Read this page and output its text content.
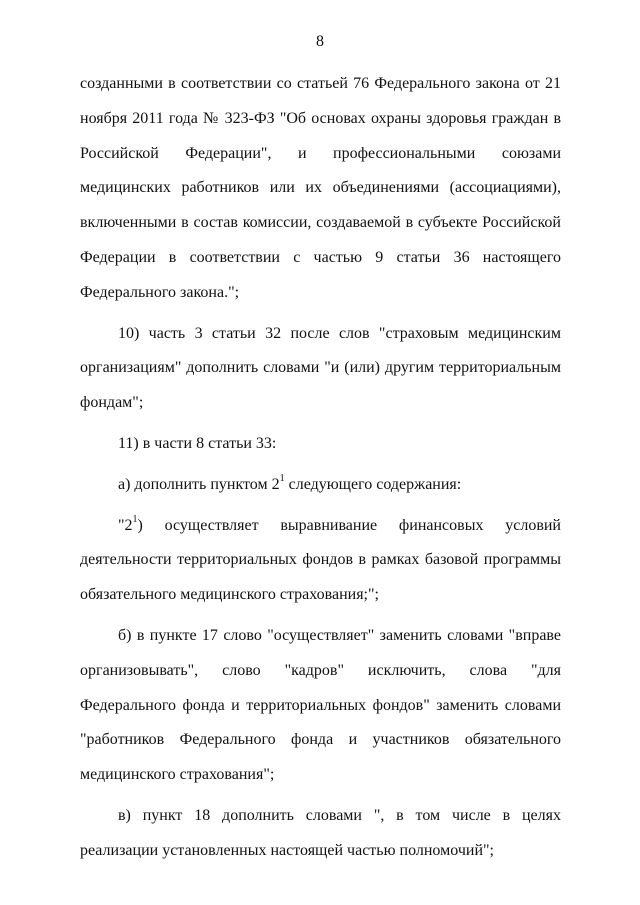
8

созданными в соответствии со статьей 76 Федерального закона от 21 ноября 2011 года № 323-ФЗ "Об основах охраны здоровья граждан в Российской Федерации", и профессиональными союзами медицинских работников или их объединениями (ассоциациями), включенными в состав комиссии, создаваемой в субъекте Российской Федерации в соответствии с частью 9 статьи 36 настоящего Федерального закона.";

10) часть 3 статьи 32 после слов "страховым медицинским организациям" дополнить словами "и (или) другим территориальным фондам";

11) в части 8 статьи 33:

а) дополнить пунктом $2^1$ следующего содержания:

"$2^1$) осуществляет выравнивание финансовых условий деятельности территориальных фондов в рамках базовой программы обязательного медицинского страхования;";

б) в пункте 17 слово "осуществляет" заменить словами "вправе организовывать", слово "кадров" исключить, слова "для Федерального фонда и территориальных фондов" заменить словами "работников Федерального фонда и участников обязательного медицинского страхования";

в) пункт 18 дополнить словами ", в том числе в целях реализации установленных настоящей частью полномочий";
